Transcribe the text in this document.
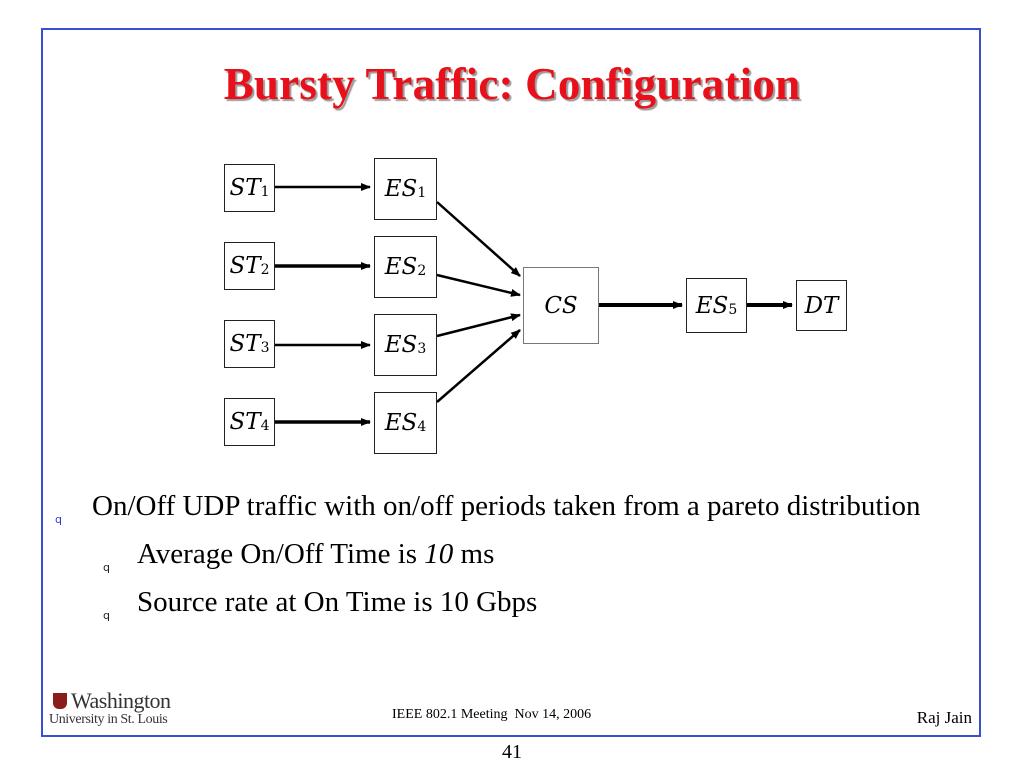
Bursty Traffic: Configuration
$ST_1$
$ST_2$
$ST_3$
$ST_4$
$ES_1$
$ES_2$
$ES_3$
$ES_4$
CS	$ES_5$	DT
q On/Off UDP traffic with on/off periods taken from a pareto distribution
q Average On/Off Time is 10 ms
q Source rate at On Time is 10 Gbps
Washington
University in St. Louis	IEEE 802.1 Meeting  Nov 14, 2006	Raj Jain
41
